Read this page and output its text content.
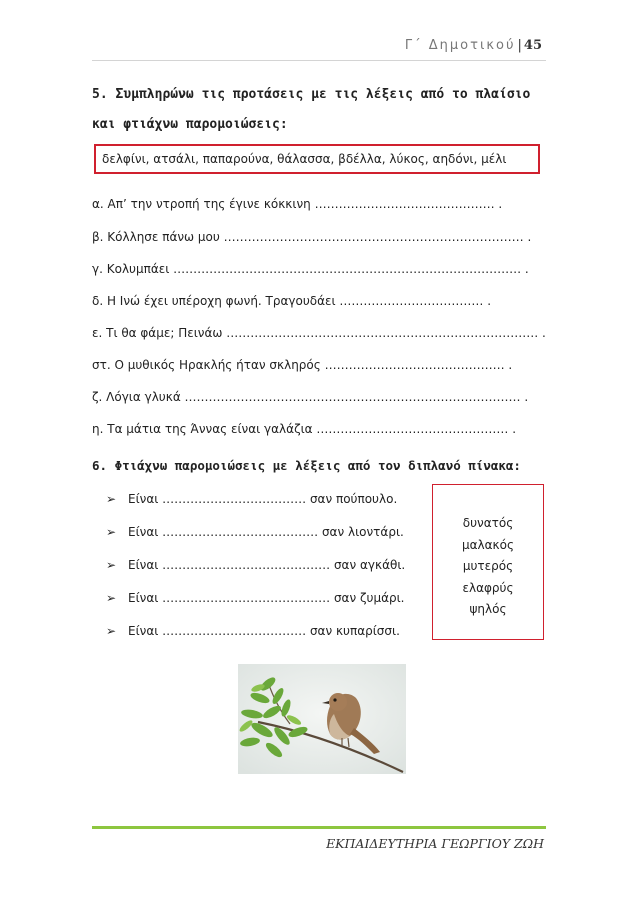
Γ΄ Δημοτικού | 45
5. Συμπληρώνω τις προτάσεις με τις λέξεις από το πλαίσιο και φτιάχνω παρομοιώσεις:
δελφίνι, ατσάλι, παπαρούνα, θάλασσα, βδέλλα, λύκος, αηδόνι, μέλι
α. Απ’ την ντροπή της έγινε κόκκινη ……………………………………… .
β. Κόλλησε πάνω μου ………………………………………………………………… .
γ. Κολυμπάει …………………………………………………………………………… .
δ. Η Ινώ έχει υπέροχη φωνή. Τραγουδάει ……………………………… .
ε. Τι θα φάμε; Πεινάω …………………………………………………………………… .
στ. Ο μυθικός Ηρακλής ήταν σκληρός ……………………………………… .
ζ. Λόγια γλυκά ………………………………………………………………………… .
η. Τα μάτια της Άννας είναι γαλάζια ………………………………………… .
6. Φτιάχνω παρομοιώσεις με λέξεις από τον διπλανό πίνακα:
➢ Είναι ……………………………… σαν πούπουλο.
➢ Είναι ………………………………… σαν λιοντάρι.
➢ Είναι …………………………………… σαν αγκάθι.
➢ Είναι …………………………………… σαν ζυμάρι.
➢ Είναι ……………………………… σαν κυπαρίσσι.
δυνατός
μαλακός
μυτερός
ελαφρύς
ψηλός
ΕΚΠΑΙΔΕΥΤΗΡΙΑ ΓΕΩΡΓΙΟΥ ΖΩΗ
